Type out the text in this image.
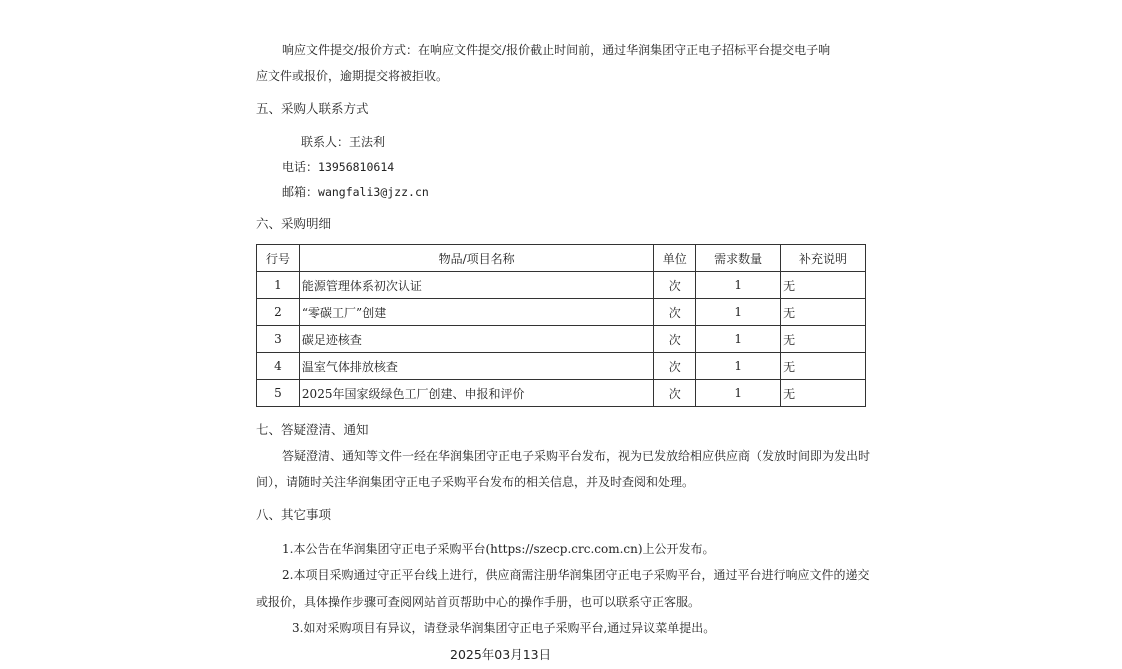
响应文件提交/报价方式：在响应文件提交/报价截止时间前，通过华润集团守正电子招标平台提交电子响
应文件或报价，逾期提交将被拒收。
五、采购人联系方式
联系人：王法利
电话：13956810614
邮箱：wangfali3@jzz.cn
六、采购明细
行号	物品/项目名称	单位	需求数量	补充说明
1	能源管理体系初次认证	次	1	无
2	“零碳工厂”创建	次	1	无
3	碳足迹核查	次	1	无
4	温室气体排放核查	次	1	无
5	2025年国家级绿色工厂创建、申报和评价	次	1	无
七、答疑澄清、通知
答疑澄清、通知等文件一经在华润集团守正电子采购平台发布，视为已发放给相应供应商（发放时间即为发出时
间），请随时关注华润集团守正电子采购平台发布的相关信息，并及时查阅和处理。
八、其它事项
1.本公告在华润集团守正电子采购平台(https://szecp.crc.com.cn)上公开发布。
2.本项目采购通过守正平台线上进行，供应商需注册华润集团守正电子采购平台，通过平台进行响应文件的递交
或报价，具体操作步骤可查阅网站首页帮助中心的操作手册，也可以联系守正客服。
3.如对采购项目有异议，请登录华润集团守正电子采购平台,通过异议菜单提出。
2025年03月13日
